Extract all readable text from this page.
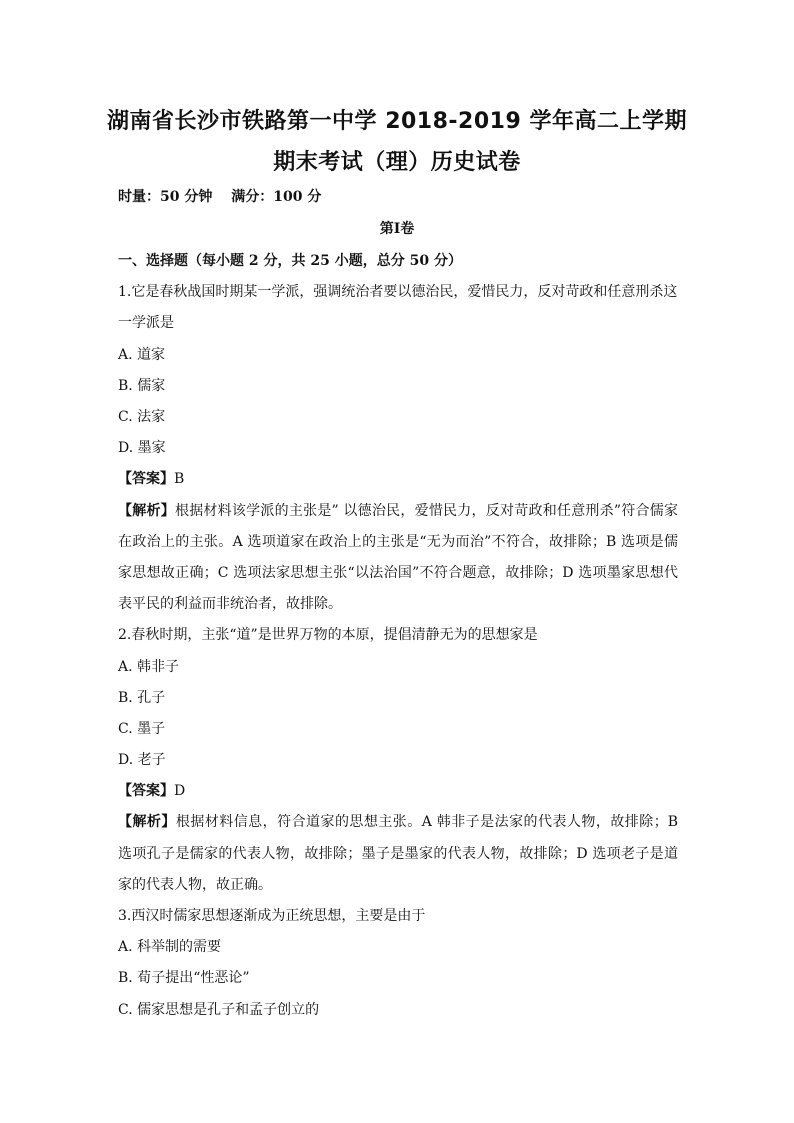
湖南省长沙市铁路第一中学 2018-2019 学年高二上学期
期末考试（理）历史试卷
时量：50 分钟 满分：100 分
第Ⅰ卷
一、选择题（每小题 2 分，共 25 小题，总分 50 分）
1.它是春秋战国时期某一学派，强调统治者要以德治民，爱惜民力，反对苛政和任意刑杀这
一学派是
A. 道家
B. 儒家
C. 法家
D. 墨家
【答案】B
【解析】根据材料该学派的主张是” 以德治民，爱惜民力，反对苛政和任意刑杀”符合儒家在政治上的主张。A 选项道家在政治上的主张是“无为而治”不符合，故排除；B 选项是儒家思想故正确；C 选项法家思想主张“以法治国”不符合题意，故排除；D 选项墨家思想代表平民的利益而非统治者，故排除。
2.春秋时期，主张“道”是世界万物的本原，提倡清静无为的思想家是
A. 韩非子
B. 孔子
C. 墨子
D. 老子
【答案】D
【解析】根据材料信息，符合道家的思想主张。A 韩非子是法家的代表人物，故排除；B 选项孔子是儒家的代表人物，故排除；墨子是墨家的代表人物，故排除；D 选项老子是道家的代表人物，故正确。
3.西汉时儒家思想逐渐成为正统思想，主要是由于
A. 科举制的需要
B. 荀子提出“性恶论”
C. 儒家思想是孔子和孟子创立的
